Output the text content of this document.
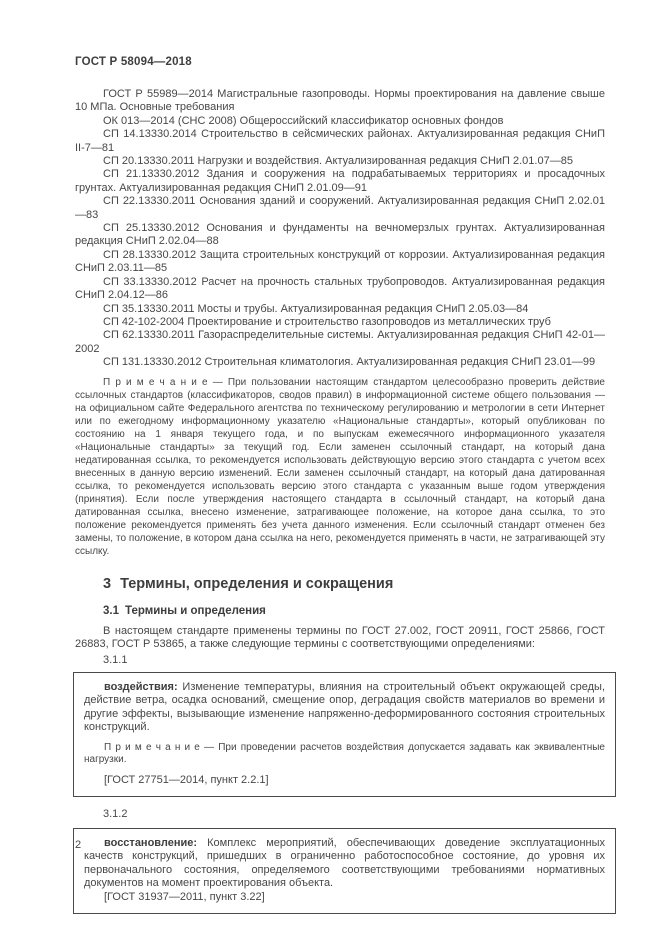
ГОСТ Р 58094—2018

ГОСТ Р 55989—2014 Магистральные газопроводы. Нормы проектирования на давление свыше 10 МПа. Основные требования

ОК 013—2014 (СНС 2008) Общероссийский классификатор основных фондов

СП 14.13330.2014 Строительство в сейсмических районах. Актуализированная редакция СНиП II-7—81

СП 20.13330.2011 Нагрузки и воздействия. Актуализированная редакция СНиП 2.01.07—85

СП 21.13330.2012 Здания и сооружения на подрабатываемых территориях и просадочных грунтах. Актуализированная редакция СНиП 2.01.09—91

СП 22.13330.2011 Основания зданий и сооружений. Актуализированная редакция СНиП 2.02.01—83

СП 25.13330.2012 Основания и фундаменты на вечномерзлых грунтах. Актуализированная редакция СНиП 2.02.04—88

СП 28.13330.2012 Защита строительных конструкций от коррозии. Актуализированная редакция СНиП 2.03.11—85

СП 33.13330.2012 Расчет на прочность стальных трубопроводов. Актуализированная редакция СНиП 2.04.12—86

СП 35.13330.2011 Мосты и трубы. Актуализированная редакция СНиП 2.05.03—84

СП 42-102-2004 Проектирование и строительство газопроводов из металлических труб

СП 62.13330.2011 Газораспределительные системы. Актуализированная редакция СНиП 42-01—2002

СП 131.13330.2012 Строительная климатология. Актуализированная редакция СНиП 23.01—99

П р и м е ч а н и е — При пользовании настоящим стандартом целесообразно проверить действие ссылочных стандартов (классификаторов, сводов правил) в информационной системе общего пользования — на официальном сайте Федерального агентства по техническому регулированию и метрологии в сети Интернет или по ежегодному информационному указателю «Национальные стандарты», который опубликован по состоянию на 1 января текущего года, и по выпускам ежемесячного информационного указателя «Национальные стандарты» за текущий год. Если заменен ссылочный стандарт, на который дана недатированная ссылка, то рекомендуется использовать действующую версию этого стандарта с учетом всех внесенных в данную версию изменений. Если заменен ссылочный стандарт, на который дана датированная ссылка, то рекомендуется использовать версию этого стандарта с указанным выше годом утверждения (принятия). Если после утверждения настоящего стандарта в ссылочный стандарт, на который дана датированная ссылка, внесено изменение, затрагивающее положение, на которое дана ссылка, то это положение рекомендуется применять без учета данного изменения. Если ссылочный стандарт отменен без замены, то положение, в котором дана ссылка на него, рекомендуется применять в части, не затрагивающей эту ссылку.

3 Термины, определения и сокращения
3.1 Термины и определения

В настоящем стандарте применены термины по ГОСТ 27.002, ГОСТ 20911, ГОСТ 25866, ГОСТ 26883, ГОСТ Р 53865, а также следующие термины с соответствующими определениями:

3.1.1

воздействия: Изменение температуры, влияния на строительный объект окружающей среды, действие ветра, осадка оснований, смещение опор, деградация свойств материалов во времени и другие эффекты, вызывающие изменение напряженно-деформированного состояния строительных конструкций.

П р и м е ч а н и е — При проведении расчетов воздействия допускается задавать как эквивалентные нагрузки.

[ГОСТ 27751—2014, пункт 2.2.1]

3.1.2

восстановление: Комплекс мероприятий, обеспечивающих доведение эксплуатационных качеств конструкций, пришедших в ограниченно работоспособное состояние, до уровня их первоначального состояния, определяемого соответствующими требованиями нормативных документов на момент проектирования объекта.

[ГОСТ 31937—2011, пункт 3.22]

2
